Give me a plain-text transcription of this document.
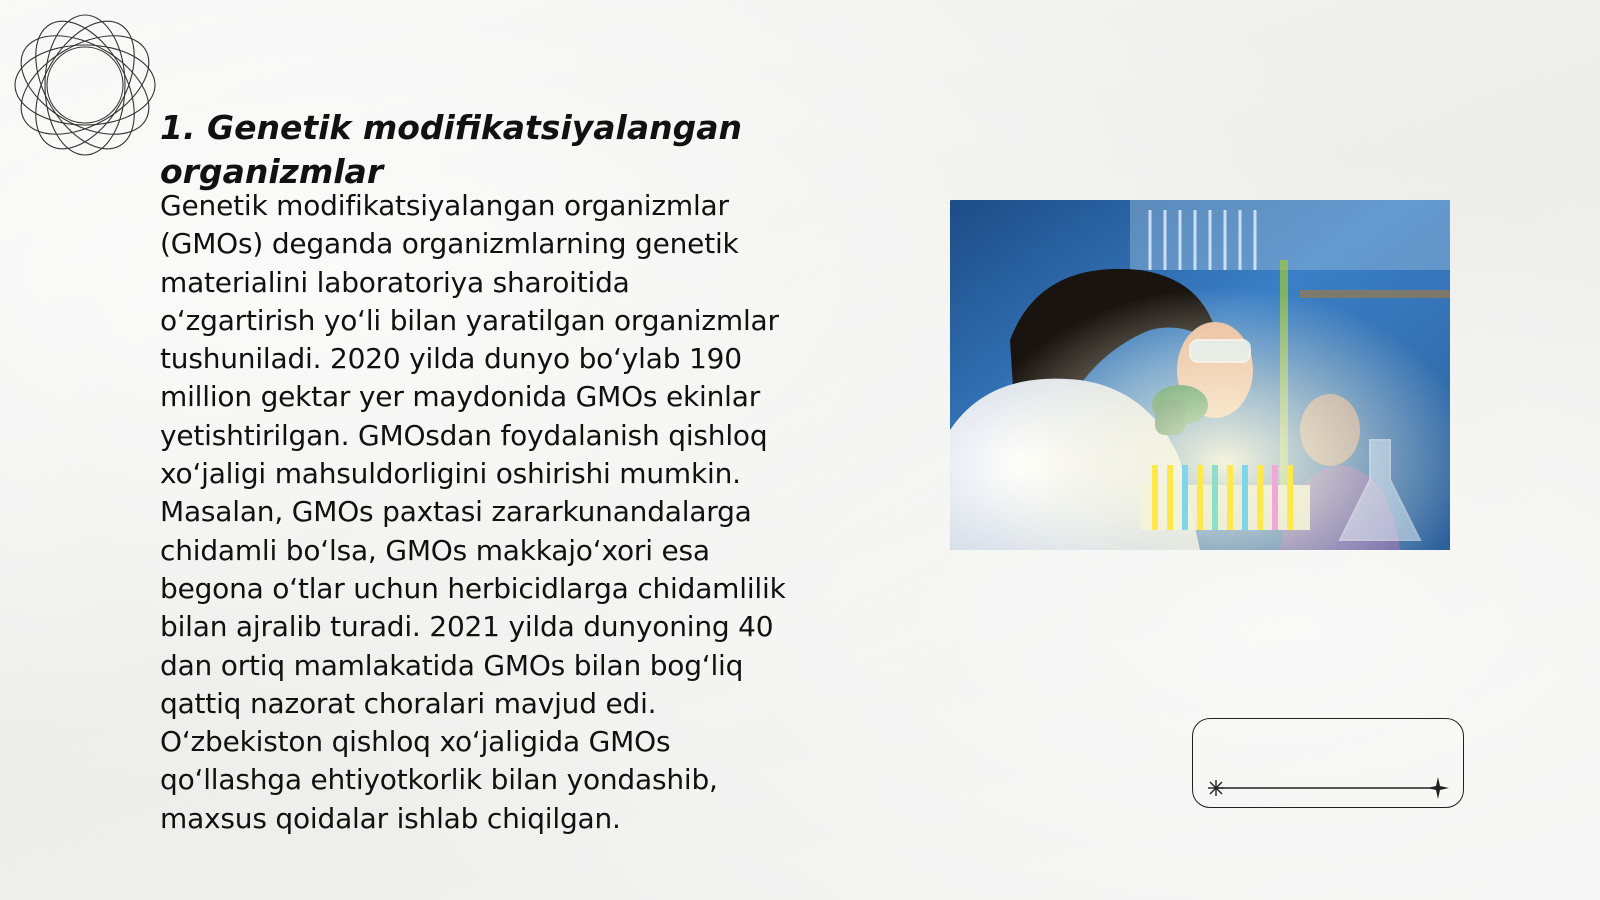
1. Genetik modifikatsiyalangan organizmlar

Genetik modifikatsiyalangan organizmlar
(GMOs) deganda organizmlarning genetik
materialini laboratoriya sharoitida
о‘zgartirish yo‘li bilan yaratilgan organizmlar
tushuniladi. 2020 yilda dunyo bo‘ylab 190
million gektar yer maydonida GMOs ekinlar
yetishtirilgan. GMOsdan foydalanish qishloq
xo‘jaligi mahsuldorligini oshirishi mumkin.
Masalan, GMOs paxtasi zararkunandalarga
chidamli bo‘lsa, GMOs makkajo‘xori esa
begona o‘tlar uchun herbicidlarga chidamlilik
bilan ajralib turadi. 2021 yilda dunyoning 40
dan ortiq mamlakatida GMOs bilan bog‘liq
qattiq nazorat choralari mavjud edi.
O‘zbekiston qishloq xo‘jaligida GMOs
qo‘llashga ehtiyotkorlik bilan yondashib,
maxsus qoidalar ishlab chiqilgan.
